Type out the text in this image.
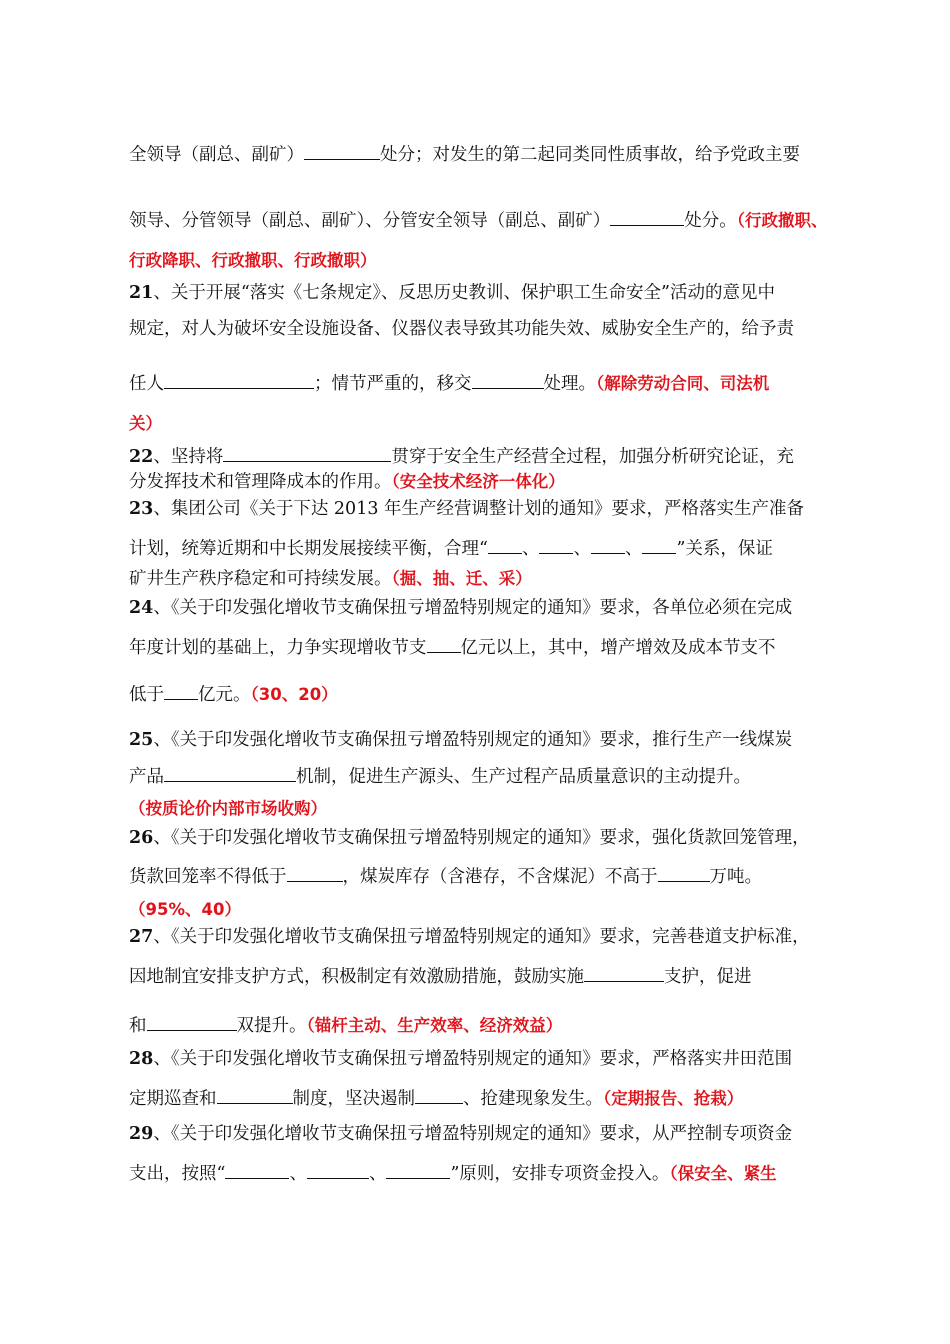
全领导（副总、副矿）	处分；对发生的第二起同类同性质事故，给予党政主要
领导、分管领导（副总、副矿）、分管安全领导（副总、副矿）	处分。（行政撤职、
行政降职、行政撤职、行政撤职）
21、关于开展“落实《七条规定》、反思历史教训、保护职工生命安全”活动的意见中
规定，对人为破坏安全设施设备、仪器仪表导致其功能失效、威胁安全生产的，给予责
任人	；情节严重的，移交	处理。（解除劳动合同、司法机
关）
22、坚持将	贯穿于安全生产经营全过程，加强分析研究论证，充
分发挥技术和管理降成本的作用。（安全技术经济一体化）
23、集团公司《关于下达 2013 年生产经营调整计划的通知》要求，严格落实生产准备
计划，统筹近期和中长期发展接续平衡，合理“ 、 、 、 ”关系，保证
矿井生产秩序稳定和可持续发展。（掘、抽、迁、采）
24、《关于印发强化增收节支确保扭亏增盈特别规定的通知》要求，各单位必须在完成
年度计划的基础上，力争实现增收节支 亿元以上，其中，增产增效及成本节支不
低于 亿元。（30、20）
25、《关于印发强化增收节支确保扭亏增盈特别规定的通知》要求，推行生产一线煤炭
产品	机制，促进生产源头、生产过程产品质量意识的主动提升。
（按质论价内部市场收购）
26、《关于印发强化增收节支确保扭亏增盈特别规定的通知》要求，强化货款回笼管理，
货款回笼率不得低于	，煤炭库存（含港存，不含煤泥）不高于	万吨。
（95%、40）
27、《关于印发强化增收节支确保扭亏增盈特别规定的通知》要求，完善巷道支护标准，
因地制宜安排支护方式，积极制定有效激励措施，鼓励实施	支护，促进
和	双提升。（锚杆主动、生产效率、经济效益）
28、《关于印发强化增收节支确保扭亏增盈特别规定的通知》要求，严格落实井田范围
定期巡查和	制度，坚决遏制	、抢建现象发生。（定期报告、抢栽）
29、《关于印发强化增收节支确保扭亏增盈特别规定的通知》要求，从严控制专项资金
支出，按照“	、	、	”原则，安排专项资金投入。（保安全、紧生
